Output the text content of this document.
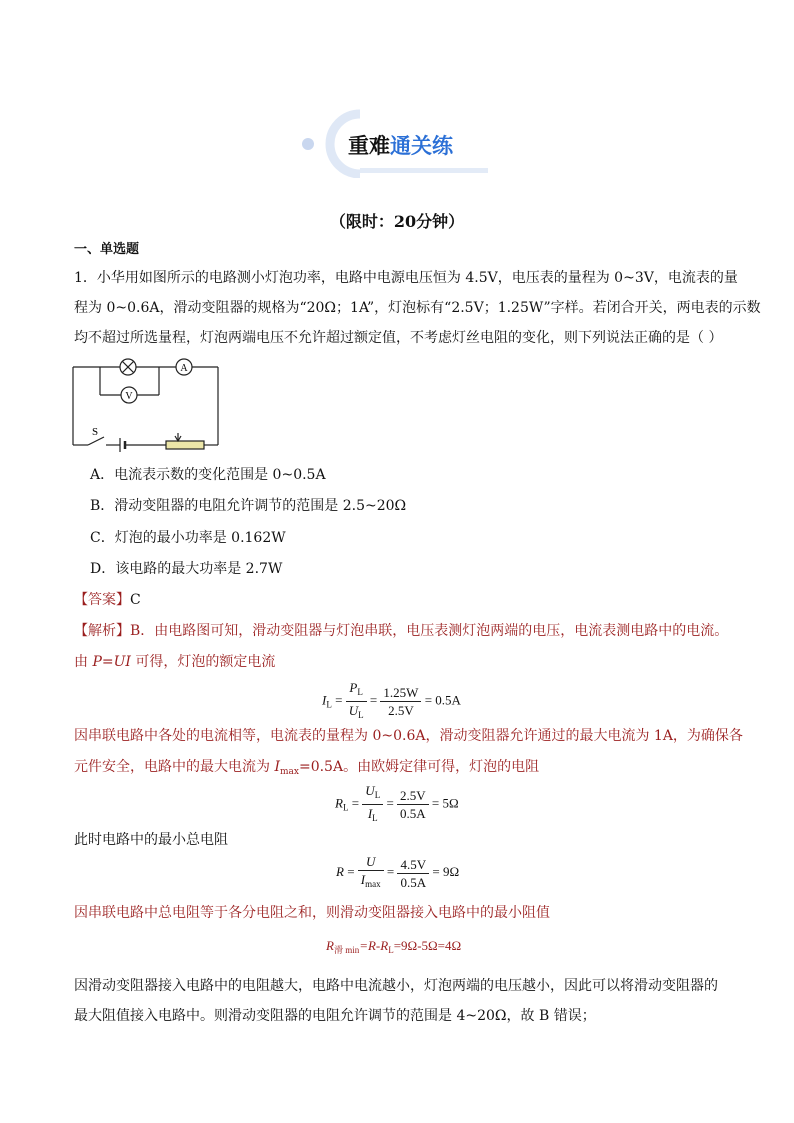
重难通关练
（限时：20分钟）
一、单选题
1．小华用如图所示的电路测小灯泡功率，电路中电源电压恒为 4.5V，电压表的量程为 0~3V，电流表的量
程为 0~0.6A，滑动变阻器的规格为“20Ω；1A”，灯泡标有“2.5V；1.25W”字样。若闭合开关，两电表的示数
均不超过所选量程，灯泡两端电压不允许超过额定值，不考虑灯丝电阻的变化，则下列说法正确的是（ ）
A
V
S
A．电流表示数的变化范围是 0~0.5A
B．滑动变阻器的电阻允许调节的范围是 2.5~20Ω
C．灯泡的最小功率是 0.162W
D．该电路的最大功率是 2.7W
【答案】C
【解析】B．由电路图可知，滑动变阻器与灯泡串联，电压表测灯泡两端的电压，电流表测电路中的电流。
由 P=UI 可得，灯泡的额定电流
$I_L = \frac{P_L}{U_L} = \frac{1.25W}{2.5V} = 0.5A$
因串联电路中各处的电流相等，电流表的量程为 0~0.6A，滑动变阻器允许通过的最大电流为 1A，为确保各
元件安全，电路中的最大电流为 $I_{max}=0.5A$。由欧姆定律可得，灯泡的电阻
$R_L = \frac{U_L}{I_L} = \frac{2.5V}{0.5A} = 5\Omega$
此时电路中的最小总电阻
$R = \frac{U}{I_{max}} = \frac{4.5V}{0.5A} = 9\Omega$
因串联电路中总电阻等于各分电阻之和，则滑动变阻器接入电路中的最小阻值
$R_{滑 min}=R-R_L=9\Omega-5\Omega=4\Omega$
因滑动变阻器接入电路中的电阻越大，电路中电流越小，灯泡两端的电压越小，因此可以将滑动变阻器的
最大阻值接入电路中。则滑动变阻器的电阻允许调节的范围是 4~20Ω，故 B 错误；
